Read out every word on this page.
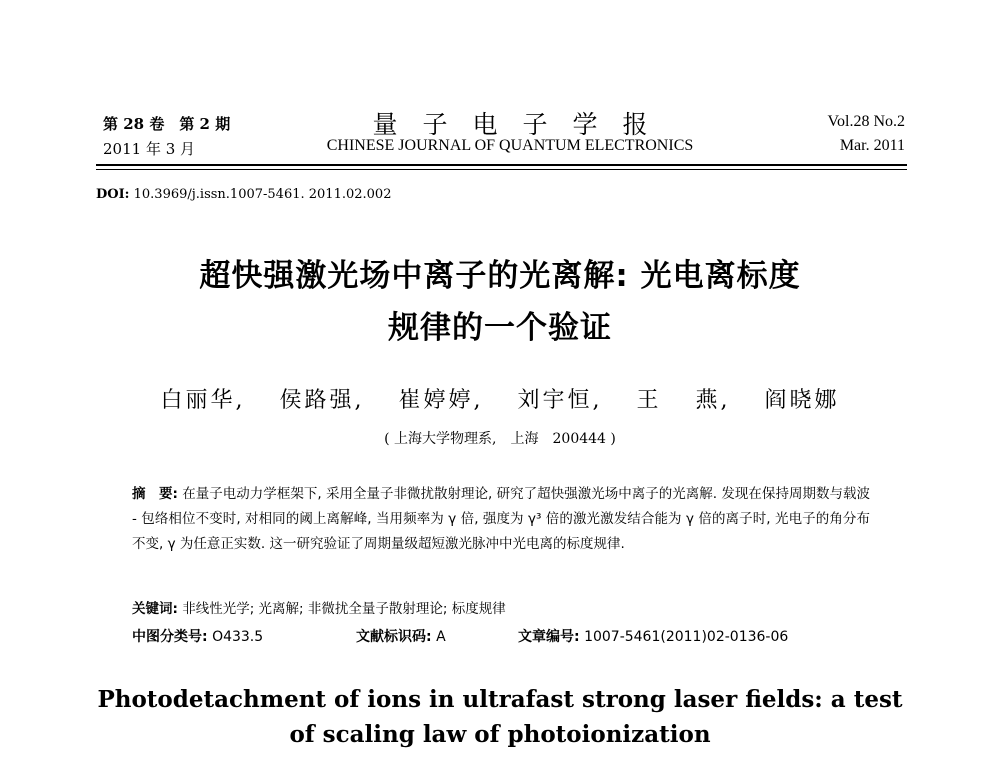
第 28 卷　第 2 期
2011 年 3 月
量　子　电　子　学　报
CHINESE JOURNAL OF QUANTUM ELECTRONICS
Vol.28 No.2
Mar. 2011
DOI: 10.3969/j.issn.1007-5461. 2011.02.002
超快强激光场中离子的光离解: 光电离标度
规律的一个验证
白丽华, 侯路强, 崔婷婷, 刘宇恒, 王 燕, 阎晓娜
( 上海大学物理系,　上海　200444 )
摘　要: 在量子电动力学框架下, 采用全量子非微扰散射理论, 研究了超快强激光场中离子的光离解. 发现在保持周期数与载波 - 包络相位不变时, 对相同的阈上离解峰, 当用频率为 γ 倍, 强度为 γ³ 倍的激光激发结合能为 γ 倍的离子时, 光电子的角分布不变, γ 为任意正实数. 这一研究验证了周期量级超短激光脉冲中光电离的标度规律.
关键词: 非线性光学; 光离解; 非微扰全量子散射理论; 标度规律
中图分类号: O433.5	文献标识码: A	文章编号: 1007-5461(2011)02-0136-06
Photodetachment of ions in ultrafast strong laser fields: a test
of scaling law of photoionization
